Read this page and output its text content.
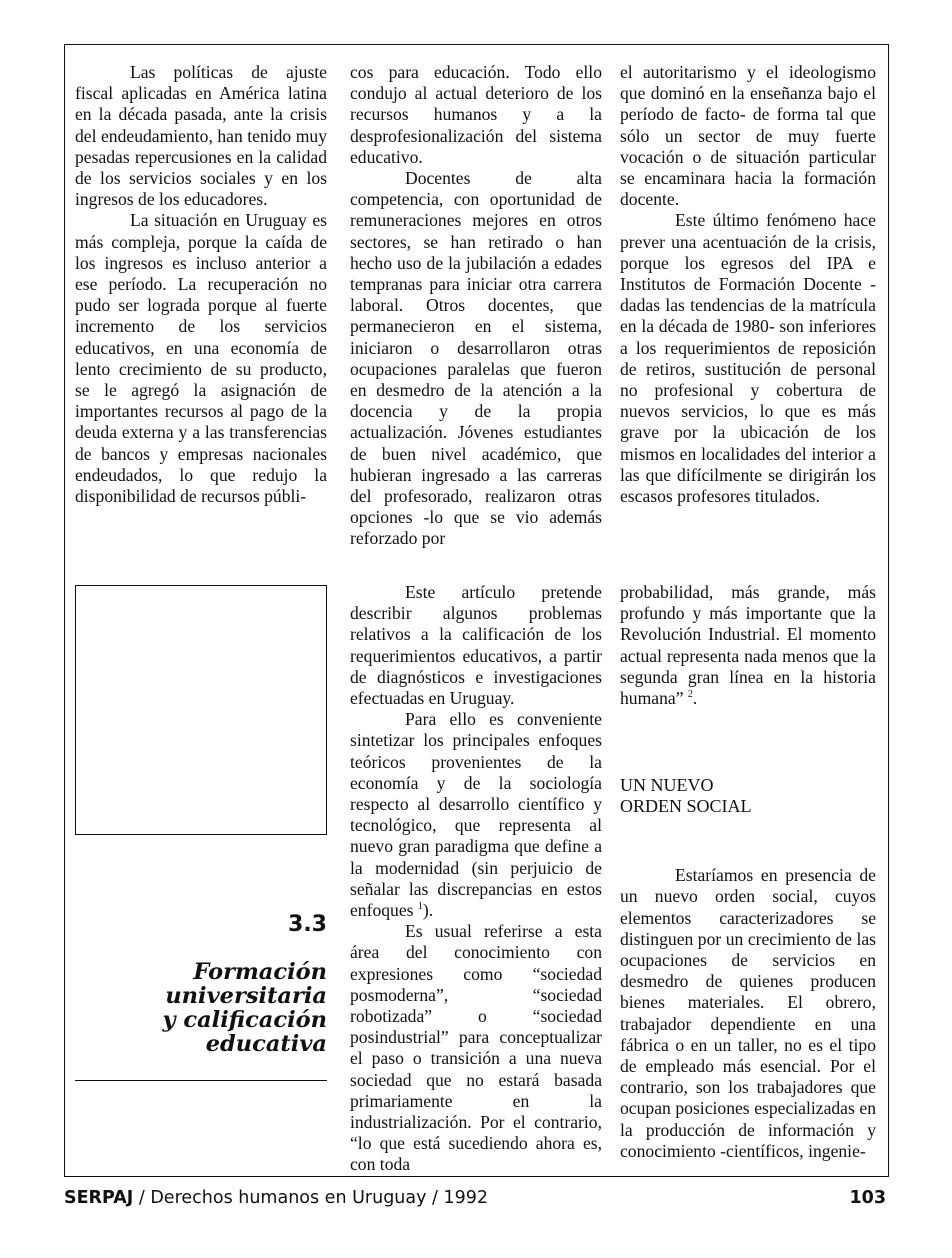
Las políticas de ajuste fiscal aplicadas en América latina en la década pasada, ante la crisis del endeudamiento, han tenido muy pesadas repercusiones en la calidad de los servicios sociales y en los ingresos de los educadores.

La situación en Uruguay es más compleja, porque la caída de los ingresos es incluso anterior a ese período. La recuperación no pudo ser lograda porque al fuerte incremento de los servicios educativos, en una economía de lento crecimiento de su producto, se le agregó la asignación de importantes recursos al pago de la deuda externa y a las transferencias de bancos y empresas nacionales endeudados, lo que redujo la disponibilidad de recursos públi-

cos para educación. Todo ello condujo al actual deterioro de los recursos humanos y a la desprofesionalización del sistema educativo.

Docentes de alta competencia, con oportunidad de remuneraciones mejores en otros sectores, se han retirado o han hecho uso de la jubilación a edades tempranas para iniciar otra carrera laboral. Otros docentes, que permanecieron en el sistema, iniciaron o desarrollaron otras ocupaciones paralelas que fueron en desmedro de la atención a la docencia y de la propia actualización. Jóvenes estudiantes de buen nivel académico, que hubieran ingresado a las carreras del profesorado, realizaron otras opciones -lo que se vio además reforzado por

el autoritarismo y el ideologismo que dominó en la enseñanza bajo el período de facto- de forma tal que sólo un sector de muy fuerte vocación o de situación particular se encaminara hacia la formación docente.

Este último fenómeno hace prever una acentuación de la crisis, porque los egresos del IPA e Institutos de Formación Docente -dadas las tendencias de la matrícula en la década de 1980- son inferiores a los requerimientos de reposición de retiros, sustitución de personal no profesional y cobertura de nuevos servicios, lo que es más grave por la ubicación de los mismos en localidades del interior a las que difícilmente se dirigirán los escasos profesores titulados.

3.3
Formación
universitaria
y calificación
educativa

Este artículo pretende describir algunos problemas relativos a la calificación de los requerimientos educativos, a partir de diagnósticos e investigaciones efectuadas en Uruguay.

Para ello es conveniente sintetizar los principales enfoques teóricos provenientes de la economía y de la sociología respecto al desarrollo científico y tecnológico, que representa al nuevo gran paradigma que define a la modernidad (sin perjuicio de señalar las discrepancias en estos enfoques $^1$).

Es usual referirse a esta área del conocimiento con expresiones como “sociedad posmoderna”, “sociedad robotizada” o “sociedad posindustrial” para conceptualizar el paso o transición a una nueva sociedad que no estará basada primariamente en la industrialización. Por el contrario, “lo que está sucediendo ahora es, con toda

probabilidad, más grande, más profundo y más importante que la Revolución Industrial. El momento actual representa nada menos que la segunda gran línea en la historia humana” $^2$.

UN NUEVO
ORDEN SOCIAL

Estaríamos en presencia de un nuevo orden social, cuyos elementos caracterizadores se distinguen por un crecimiento de las ocupaciones de servicios en desmedro de quienes producen bienes materiales. El obrero, trabajador dependiente en una fábrica o en un taller, no es el tipo de empleado más esencial. Por el contrario, son los trabajadores que ocupan posiciones especializadas en la producción de información y conocimiento -científicos, ingenie-

SERPAJ / Derechos humanos en Uruguay / 1992	103
